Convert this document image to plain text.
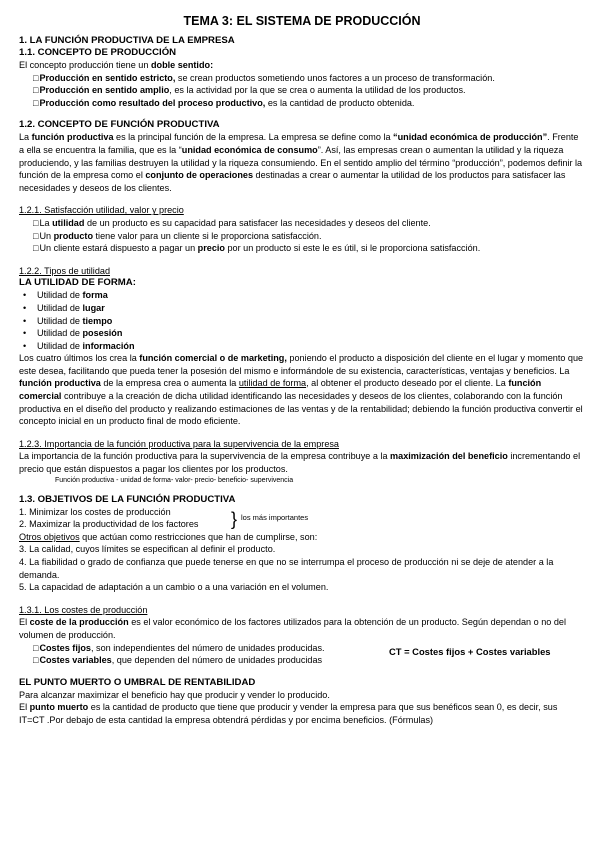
TEMA 3: EL SISTEMA DE PRODUCCIÓN

1. LA FUNCIÓN PRODUCTIVA DE LA EMPRESA

1.1. CONCEPTO DE PRODUCCIÓN

El concepto producción tiene un doble sentido:

□ Producción en sentido estricto, se crean productos sometiendo unos factores a un proceso de transformación.

□ Producción en sentido amplio, es la actividad por la que se crea o aumenta la utilidad de los productos.

□ Producción como resultado del proceso productivo, es la cantidad de producto obtenida.

1.2. CONCEPTO DE FUNCIÓN PRODUCTIVA

La función productiva es la principal función de la empresa. La empresa se define como la “unidad económica de producción”. Frente a ella se encuentra la familia, que es la “unidad económica de consumo”. Así, las empresas crean o aumentan la utilidad y la riqueza produciendo, y las familias destruyen la utilidad y la riqueza consumiendo. En el sentido amplio del término “producción”, podemos definir la función de la empresa como el conjunto de operaciones destinadas a crear o aumentar la utilidad de los productos para satisfacer las necesidades y deseos de los clientes.

1.2.1. Satisfacción utilidad, valor y precio

□ La utilidad de un producto es su capacidad para satisfacer las necesidades y deseos del cliente.

□ Un producto tiene valor para un cliente si le proporciona satisfacción.

□ Un cliente estará dispuesto a pagar un precio por un producto si este le es útil, si le proporciona satisfacción.

1.2.2. Tipos de utilidad

LA UTILIDAD DE FORMA:

• Utilidad de forma
• Utilidad de lugar
• Utilidad de tiempo
• Utilidad de posesión
• Utilidad de información

Los cuatro últimos los crea la función comercial o de marketing, poniendo el producto a disposición del cliente en el lugar y momento que este desea, facilitando que pueda tener la posesión del mismo e informándole de su existencia, características, ventajas y beneficios. La función productiva de la empresa crea o aumenta la utilidad de forma, al obtener el producto deseado por el cliente. La función comercial contribuye a la creación de dicha utilidad identificando las necesidades y deseos de los clientes, colaborando con la función productiva en el diseño del producto y realizando estimaciones de las ventas y de la rentabilidad; debiendo la función productiva convertir el concepto inicial en un producto final de modo eficiente.

1.2.3. Importancia de la función productiva para la supervivencia de la empresa

La importancia de la función productiva para la supervivencia de la empresa contribuye a la maximización del beneficio incrementando el precio que están dispuestos a pagar los clientes por los productos.

Función productiva - unidad de forma- valor- precio- beneficio- supervivencia

1.3. OBJETIVOS DE LA FUNCIÓN PRODUCTIVA

1. Minimizar los costes de producción

2. Maximizar la productividad de los factores	} los más importantes

Otros objetivos que actúan como restricciones que han de cumplirse, son:

3. La calidad, cuyos límites se especifican al definir el producto.

4. La fiabilidad o grado de confianza que puede tenerse en que no se interrumpa el proceso de producción ni se deje de atender a la demanda.

5. La capacidad de adaptación a un cambio o a una variación en el volumen.

1.3.1. Los costes de producción

El coste de la producción es el valor económico de los factores utilizados para la obtención de un producto. Según dependan o no del volumen de producción.

□ Costes fijos, son independientes del número de unidades producidas.

□ Costes variables, que dependen del número de unidades producidas

CT = Costes fijos + Costes variables

EL PUNTO MUERTO O UMBRAL DE RENTABILIDAD

Para alcanzar maximizar el beneficio hay que producir y vender lo producido.

El punto muerto es la cantidad de producto que tiene que producir y vender la empresa para que sus benéficos sean 0, es decir, sus IT=CT .Por debajo de esta cantidad la empresa obtendrá pérdidas y por encima beneficios. (Fórmulas)
